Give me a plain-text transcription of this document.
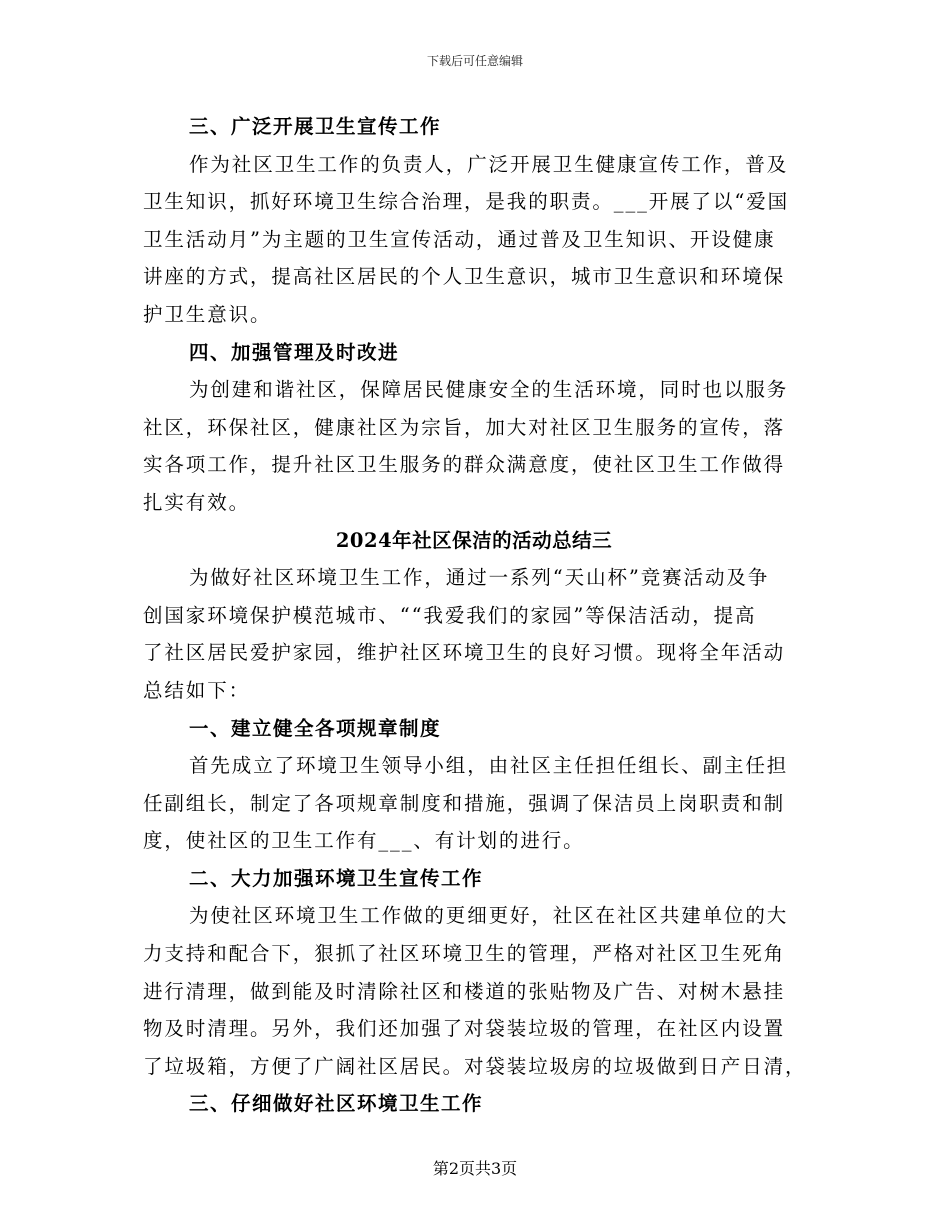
下载后可任意编辑
三、广泛开展卫生宣传工作
作为社区卫生工作的负责人，广泛开展卫生健康宣传工作，普及
卫生知识，抓好环境卫生综合治理，是我的职责。___开展了以“爱国
卫生活动月”为主题的卫生宣传活动，通过普及卫生知识、开设健康
讲座的方式，提高社区居民的个人卫生意识，城市卫生意识和环境保
护卫生意识。
四、加强管理及时改进
为创建和谐社区，保障居民健康安全的生活环境，同时也以服务
社区，环保社区，健康社区为宗旨，加大对社区卫生服务的宣传，落
实各项工作，提升社区卫生服务的群众满意度，使社区卫生工作做得
扎实有效。
2024年社区保洁的活动总结三
为做好社区环境卫生工作，通过一系列“天山杯”竞赛活动及争
创国家环境保护模范城市、““我爱我们的家园”等保洁活动，提高
了社区居民爱护家园，维护社区环境卫生的良好习惯。现将全年活动
总结如下：
一、建立健全各项规章制度
首先成立了环境卫生领导小组，由社区主任担任组长、副主任担
任副组长，制定了各项规章制度和措施，强调了保洁员上岗职责和制
度，使社区的卫生工作有___、有计划的进行。
二、大力加强环境卫生宣传工作
为使社区环境卫生工作做的更细更好，社区在社区共建单位的大
力支持和配合下，狠抓了社区环境卫生的管理，严格对社区卫生死角
进行清理，做到能及时清除社区和楼道的张贴物及广告、对树木悬挂
物及时清理。另外，我们还加强了对袋装垃圾的管理，在社区内设置
了垃圾箱，方便了广阔社区居民。对袋装垃圾房的垃圾做到日产日清，
三、仔细做好社区环境卫生工作
第2页共3页
